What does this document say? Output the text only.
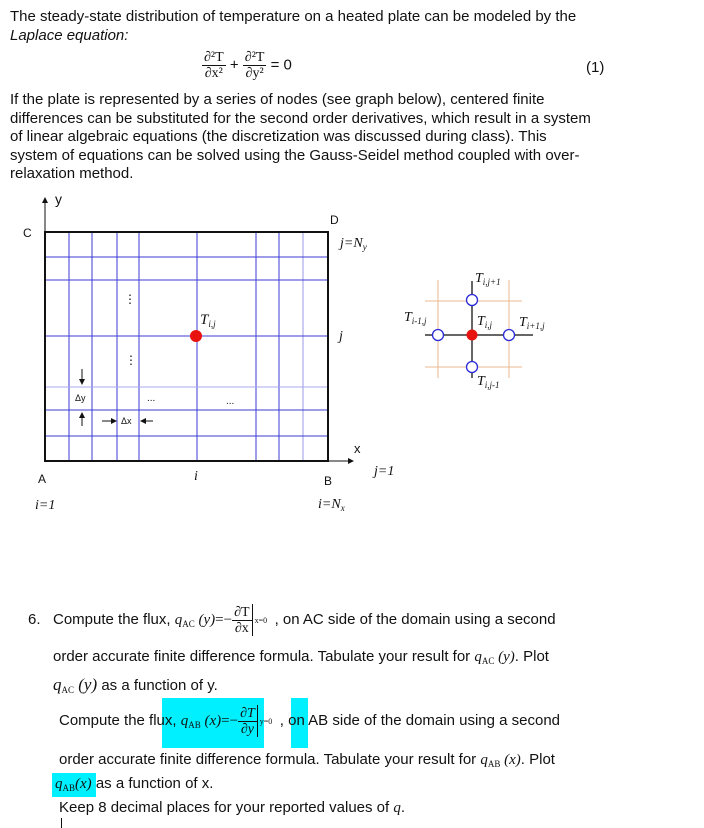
The steady-state distribution of temperature on a heated plate can be modeled by the
Laplace equation:
$\frac{\text{∂²T}}{\text{∂x²}} + \frac{\text{∂²T}}{\text{∂y²}} = 0$	(1)
If the plate is represented by a series of nodes (see graph below), centered finite
differences can be substituted for the second order derivatives, which result in a system
of linear algebraic equations (the discretization was discussed during class). This
system of equations can be solved using the Gauss-Seidel method coupled with over-
relaxation method.
y
C
D
$j=N_y$
$T_{i,j}$
j
⋮
⋮
Δy	...	...
Δx
x
j=1
A	i	B
i=1	$i=N_x$
$T_{i,j+1}$
$T_{i-1,j}$	$T_{i,j}$ $T_{i+1,j}$
$T_{i,j-1}$
6. Compute the flux, $q_{AC}$ $(y)=- \frac{\partial T}{\partial x} x=0$ , on AC side of the domain using a second
order accurate finite difference formula. Tabulate your result for $q_{AC}$ (y). Plot
$q_{AC}$ (y) as a function of y.
Compute the flux, $q_{AB}$ $(x)=- \frac{\partial T}{\partial y} y=0$ , on AB side of the domain using a second
order accurate finite difference formula. Tabulate your result for $q_{AB}$ (x). Plot
$q_{AB}(x)$ as a function of x.
Keep 8 decimal places for your reported values of q.
